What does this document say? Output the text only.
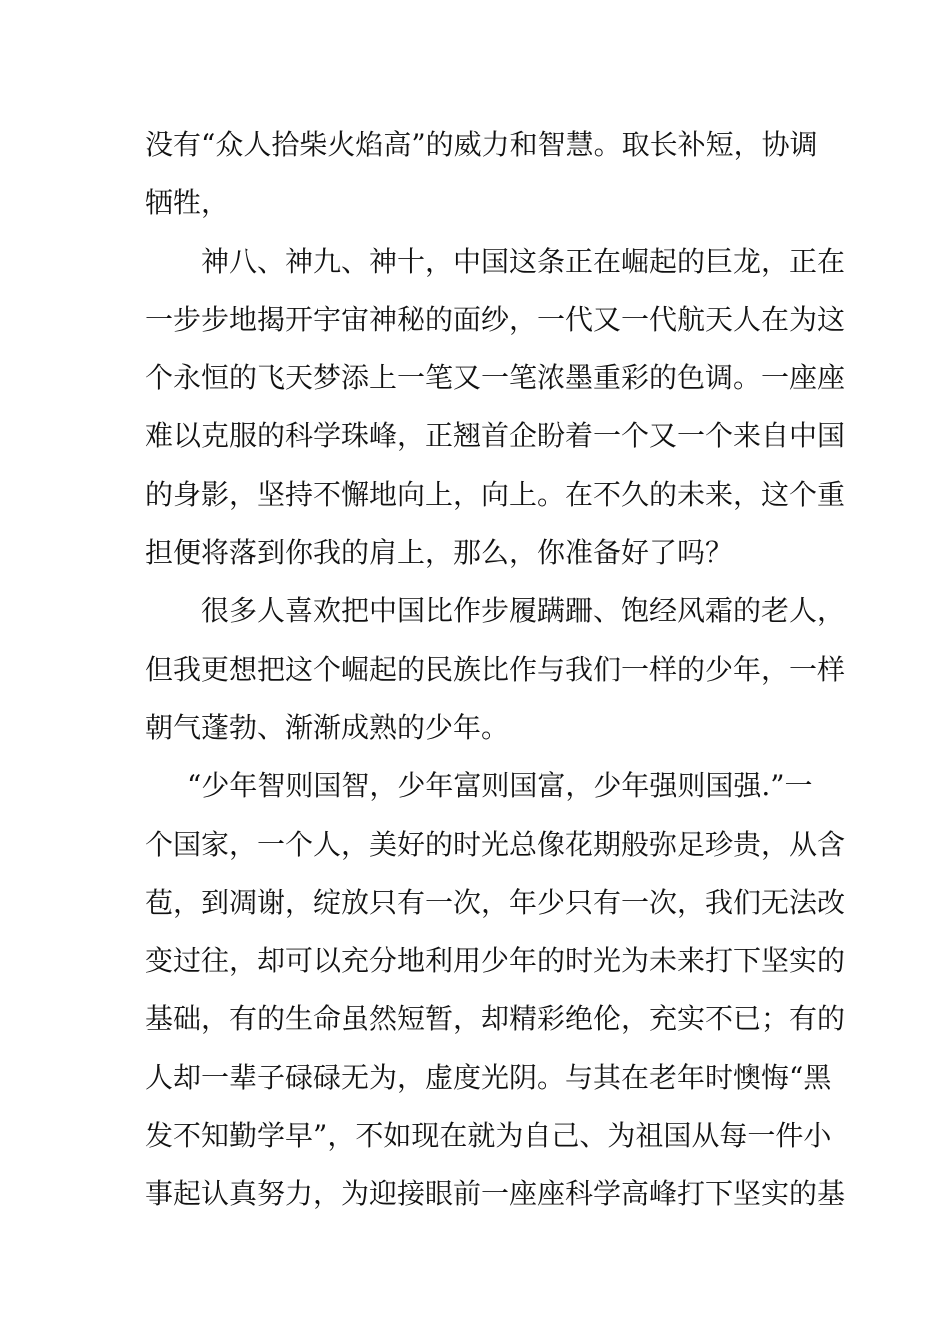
没有“众人拾柴火焰高”的威力和智慧。取长补短，协调
牺牲，
神八、神九、神十，中国这条正在崛起的巨龙，正在
一步步地揭开宇宙神秘的面纱，一代又一代航天人在为这
个永恒的飞天梦添上一笔又一笔浓墨重彩的色调。一座座
难以克服的科学珠峰，正翘首企盼着一个又一个来自中国
的身影，坚持不懈地向上，向上。在不久的未来，这个重
担便将落到你我的肩上，那么，你准备好了吗？
很多人喜欢把中国比作步履蹒跚、饱经风霜的老人，
但我更想把这个崛起的民族比作与我们一样的少年，一样
朝气蓬勃、渐渐成熟的少年。
“少年智则国智，少年富则国富，少年强则国强.”一
个国家，一个人，美好的时光总像花期般弥足珍贵，从含
苞，到凋谢，绽放只有一次，年少只有一次，我们无法改
变过往，却可以充分地利用少年的时光为未来打下坚实的
基础，有的生命虽然短暂，却精彩绝伦，充实不已；有的
人却一辈子碌碌无为，虚度光阴。与其在老年时懊悔“黑
发不知勤学早”，不如现在就为自己、为祖国从每一件小
事起认真努力，为迎接眼前一座座科学高峰打下坚实的基
